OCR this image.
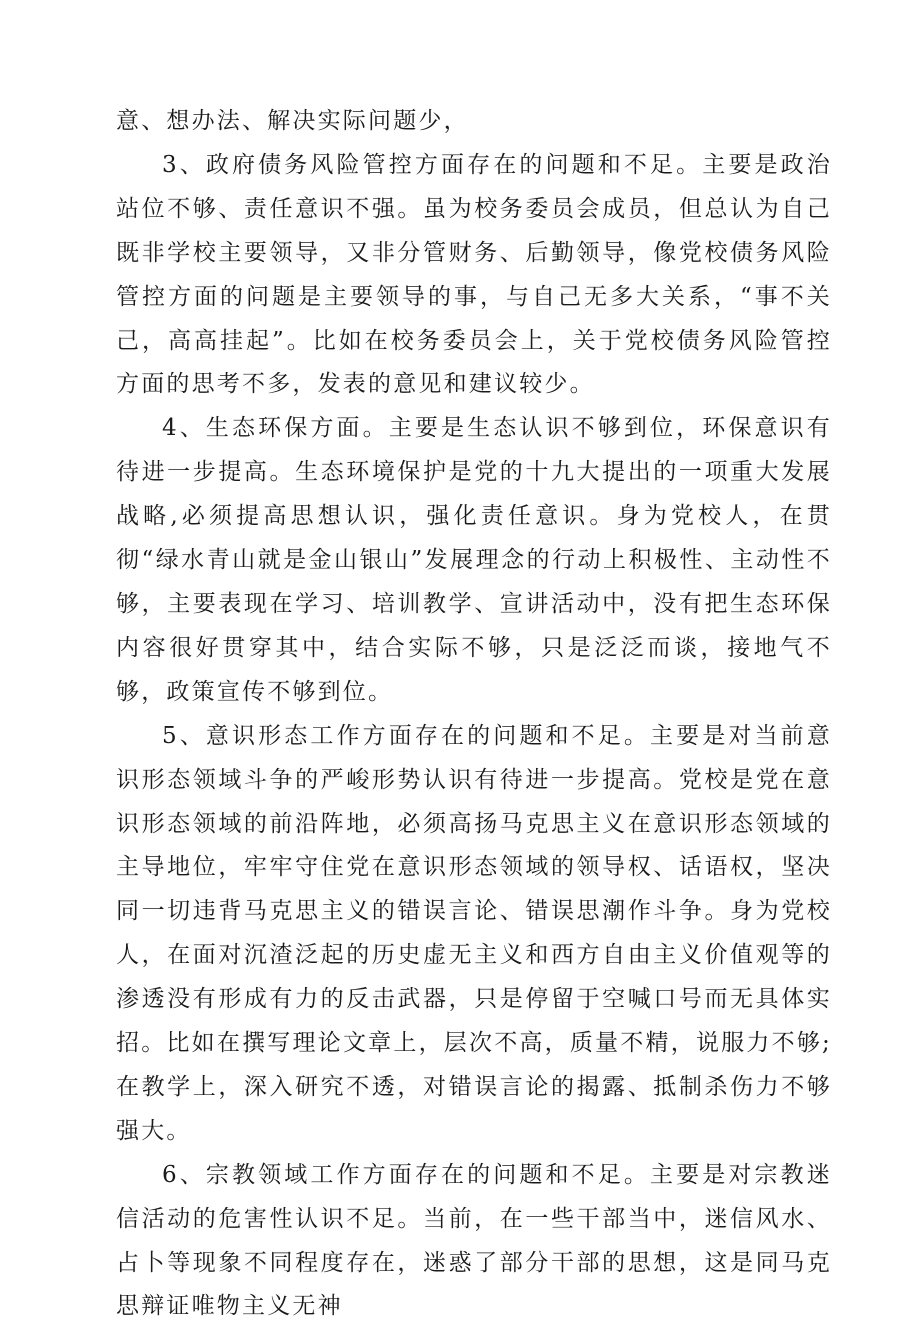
意、想办法、解决实际问题少，

3、政府债务风险管控方面存在的问题和不足。主要是政治站位不够、责任意识不强。虽为校务委员会成员，但总认为自己既非学校主要领导，又非分管财务、后勤领导，像党校债务风险管控方面的问题是主要领导的事，与自己无多大关系，“事不关己，高高挂起”。比如在校务委员会上，关于党校债务风险管控方面的思考不多，发表的意见和建议较少。

4、生态环保方面。主要是生态认识不够到位，环保意识有待进一步提高。生态环境保护是党的十九大提出的一项重大发展战略,必须提高思想认识，强化责任意识。身为党校人，在贯彻“绿水青山就是金山银山”发展理念的行动上积极性、主动性不够，主要表现在学习、培训教学、宣讲活动中，没有把生态环保内容很好贯穿其中，结合实际不够，只是泛泛而谈，接地气不够，政策宣传不够到位。

5、意识形态工作方面存在的问题和不足。主要是对当前意识形态领域斗争的严峻形势认识有待进一步提高。党校是党在意识形态领域的前沿阵地，必须高扬马克思主义在意识形态领域的主导地位，牢牢守住党在意识形态领域的领导权、话语权，坚决同一切违背马克思主义的错误言论、错误思潮作斗争。身为党校人，在面对沉渣泛起的历史虚无主义和西方自由主义价值观等的渗透没有形成有力的反击武器，只是停留于空喊口号而无具体实招。比如在撰写理论文章上，层次不高，质量不精，说服力不够;在教学上，深入研究不透，对错误言论的揭露、抵制杀伤力不够强大。

6、宗教领域工作方面存在的问题和不足。主要是对宗教迷信活动的危害性认识不足。当前，在一些干部当中，迷信风水、占卜等现象不同程度存在，迷惑了部分干部的思想，这是同马克思辩证唯物主义无神
